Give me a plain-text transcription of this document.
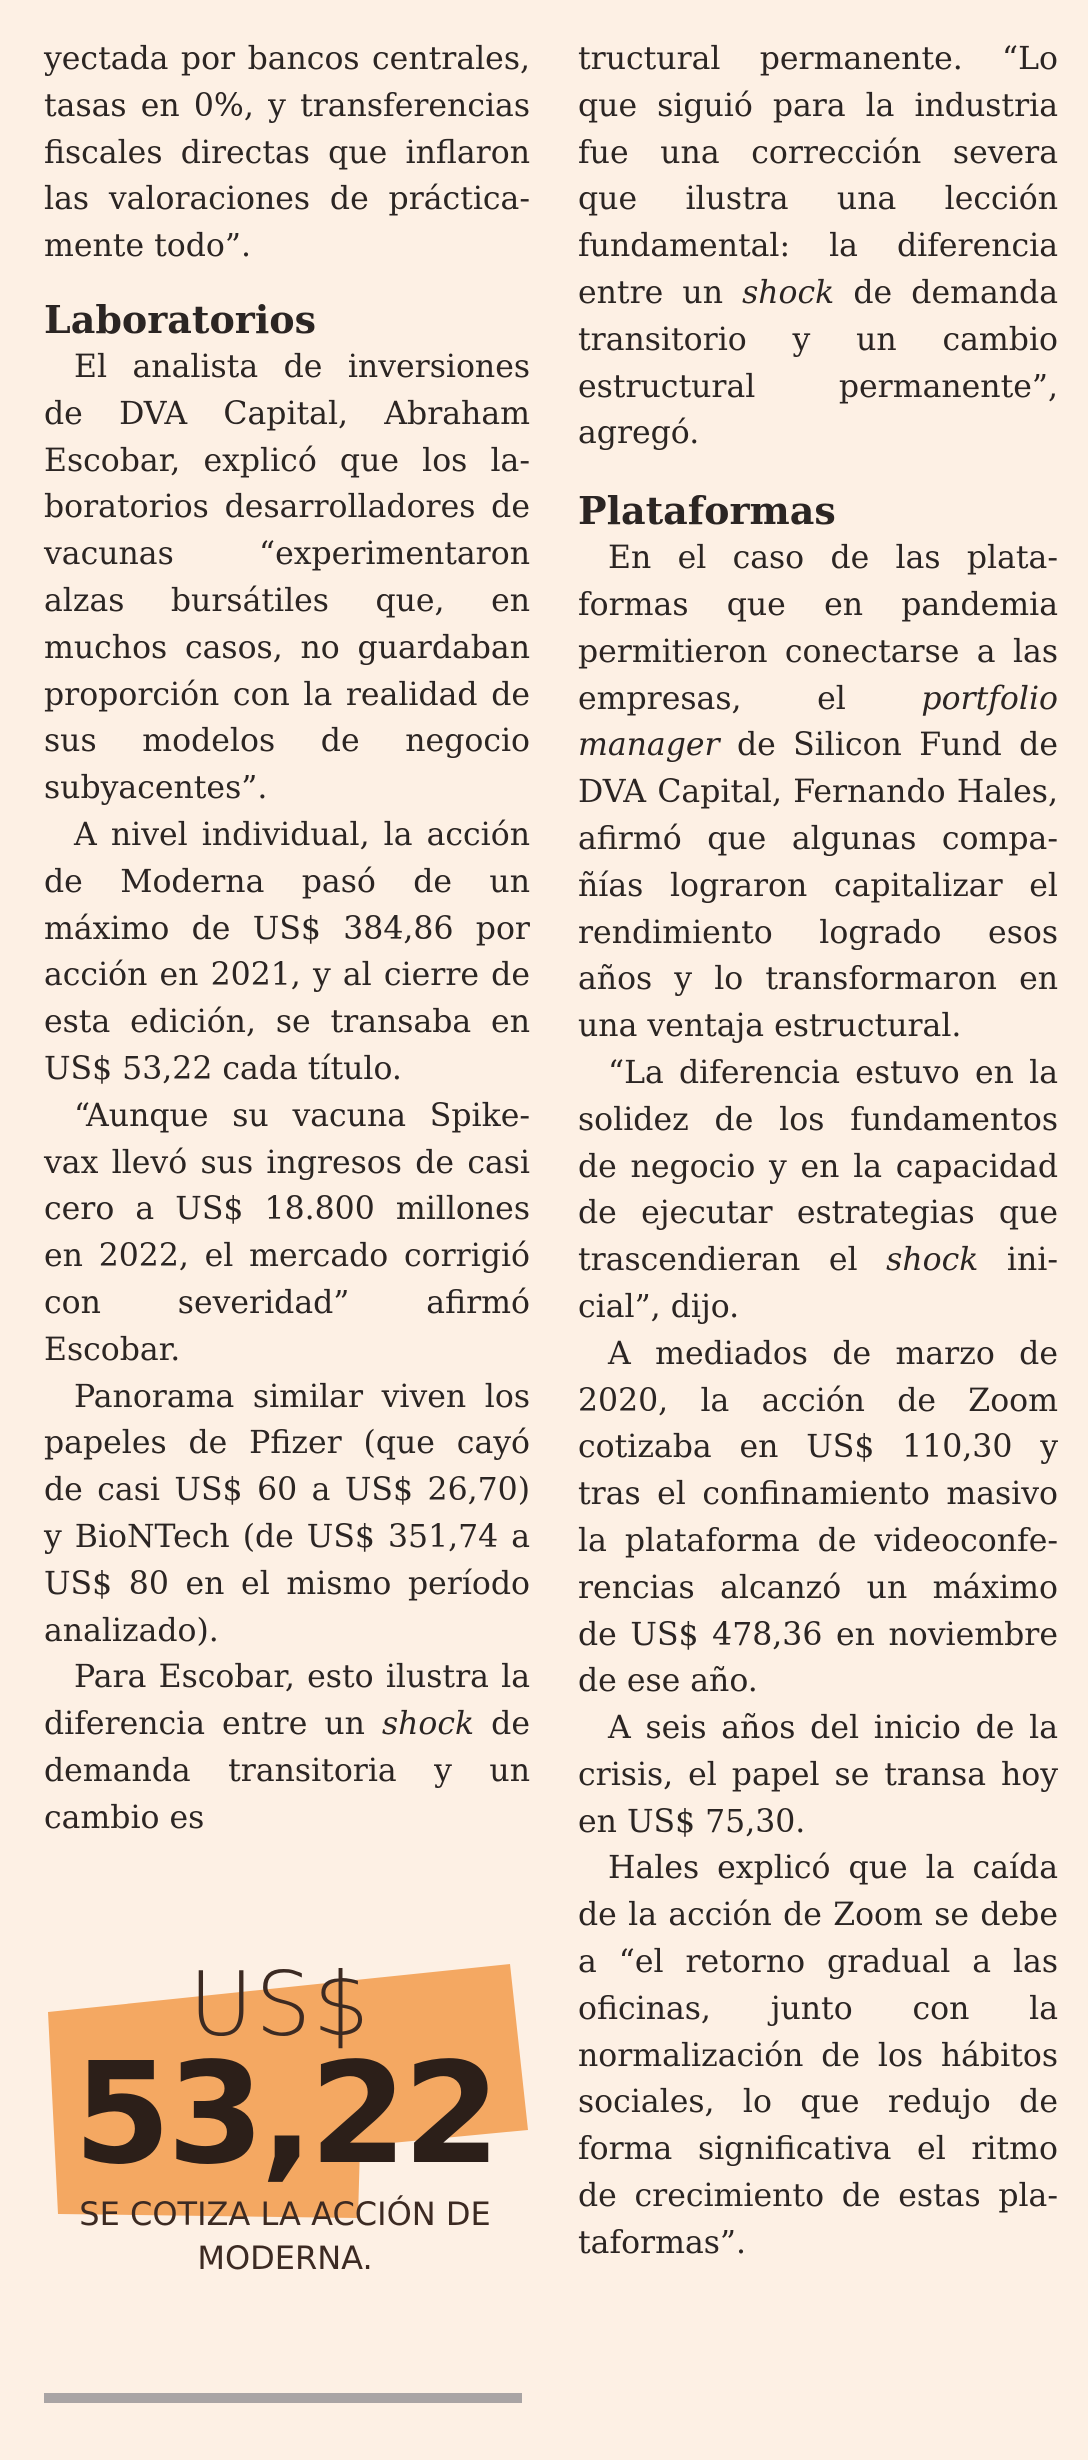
yectada por bancos centrales, tasas en 0%, y transferencias fiscales directas que inflaron las valoraciones de prácticamente todo”.

Laboratorios

El analista de inversiones de DVA Capital, Abraham Escobar, explicó que los laboratorios desarrolladores de vacunas “experimentaron alzas bursátiles que, en muchos casos, no guardaban proporción con la realidad de sus modelos de negocio subyacentes”.

A nivel individual, la acción de Moderna pasó de un máximo de US$ 384,86 por acción en 2021, y al cierre de esta edición, se transaba en US$ 53,22 cada título.

“Aunque su vacuna Spikevax llevó sus ingresos de casi cero a US$ 18.800 millones en 2022, el mercado corrigió con severidad” afirmó Escobar.

Panorama similar viven los papeles de Pfizer (que cayó de casi US$ 60 a US$ 26,70) y BioNTech (de US$ 351,74 a US$ 80 en el mismo período analizado).

Para Escobar, esto ilustra la diferencia entre un shock de demanda transitoria y un cambio es

tructural permanente. “Lo que siguió para la industria fue una corrección severa que ilustra una lección fundamental: la diferencia entre un shock de demanda transitorio y un cambio estructural permanente”, agregó.

Plataformas

En el caso de las plataformas que en pandemia permitieron conectarse a las empresas, el portfolio manager de Silicon Fund de DVA Capital, Fernando Hales, afirmó que algunas compañías lograron capitalizar el rendimiento logrado esos años y lo transformaron en una ventaja estructural.

“La diferencia estuvo en la solidez de los fundamentos de negocio y en la capacidad de ejecutar estrategias que trascendieran el shock inicial”, dijo.

A mediados de marzo de 2020, la acción de Zoom cotizaba en US$ 110,30 y tras el confinamiento masivo la plataforma de videoconferencias alcanzó un máximo de US$ 478,36 en noviembre de ese año.

A seis años del inicio de la crisis, el papel se transa hoy en US$ 75,30.

Hales explicó que la caída de la acción de Zoom se debe a “el retorno gradual a las oficinas, junto con la normalización de los hábitos sociales, lo que redujo de forma significativa el ritmo de crecimiento de estas plataformas”.

US$
53,22
SE COTIZA LA ACCIÓN DE MODERNA.
